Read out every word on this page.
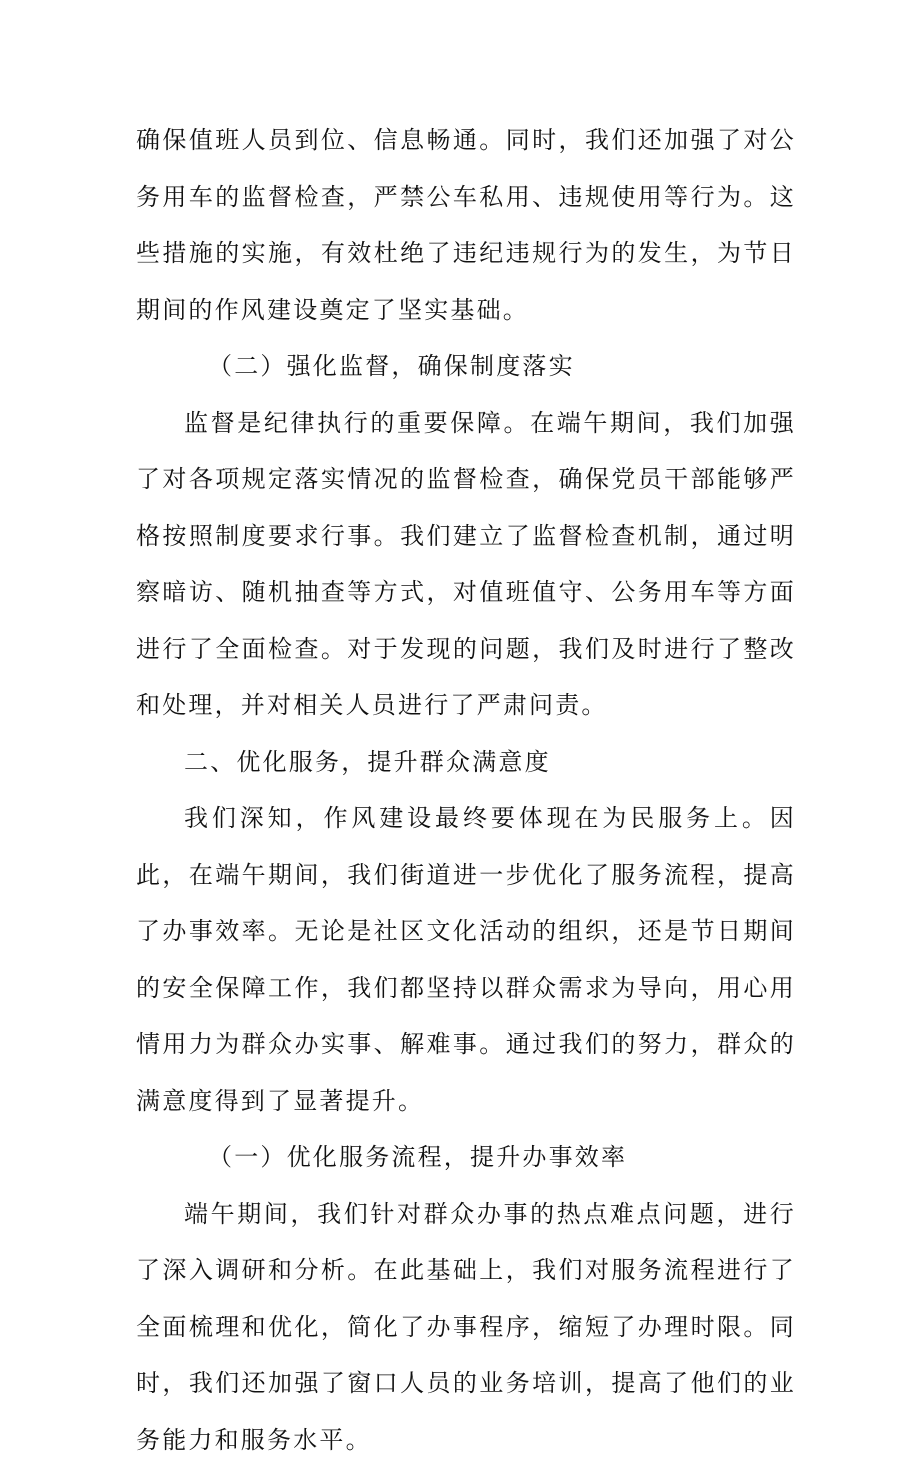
确保值班人员到位、信息畅通。同时，我们还加强了对公务用车的监督检查，严禁公车私用、违规使用等行为。这些措施的实施，有效杜绝了违纪违规行为的发生，为节日期间的作风建设奠定了坚实基础。

（二）强化监督，确保制度落实

监督是纪律执行的重要保障。在端午期间，我们加强了对各项规定落实情况的监督检查，确保党员干部能够严格按照制度要求行事。我们建立了监督检查机制，通过明察暗访、随机抽查等方式，对值班值守、公务用车等方面进行了全面检查。对于发现的问题，我们及时进行了整改和处理，并对相关人员进行了严肃问责。

二、优化服务，提升群众满意度

我们深知，作风建设最终要体现在为民服务上。因此，在端午期间，我们街道进一步优化了服务流程，提高了办事效率。无论是社区文化活动的组织，还是节日期间的安全保障工作，我们都坚持以群众需求为导向，用心用情用力为群众办实事、解难事。通过我们的努力，群众的满意度得到了显著提升。

（一）优化服务流程，提升办事效率

端午期间，我们针对群众办事的热点难点问题，进行了深入调研和分析。在此基础上，我们对服务流程进行了全面梳理和优化，简化了办事程序，缩短了办理时限。同时，我们还加强了窗口人员的业务培训，提高了他们的业务能力和服务水平。
